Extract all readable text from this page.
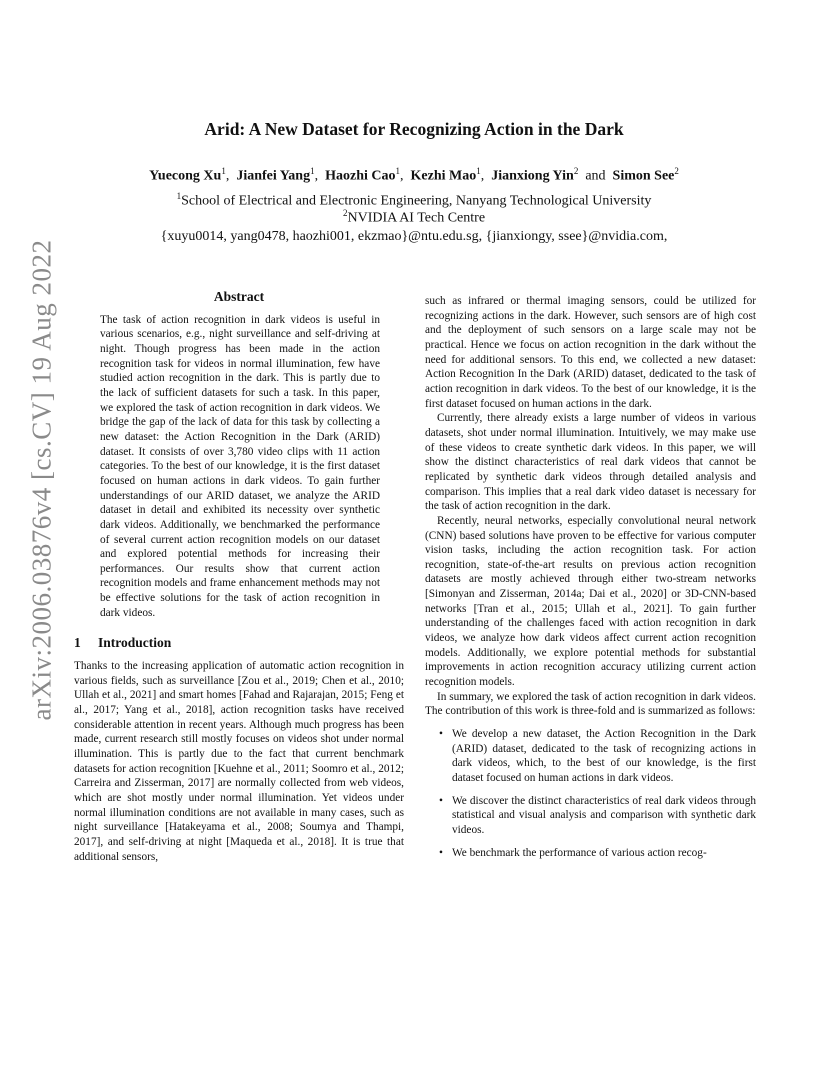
arXiv:2006.03876v4 [cs.CV] 19 Aug 2022
Arid: A New Dataset for Recognizing Action in the Dark
Yuecong Xu$^1$,  Jianfei Yang$^1$,  Haozhi Cao$^1$,  Kezhi Mao$^1$,  Jianxiong Yin$^2$ and Simon See$^2$
$^1$School of Electrical and Electronic Engineering, Nanyang Technological University
$^2$NVIDIA AI Tech Centre
{xuyu0014, yang0478, haozhi001, ekzmao}@ntu.edu.sg, {jianxiongy, ssee}@nvidia.com,
Abstract
The task of action recognition in dark videos is useful in various scenarios, e.g., night surveillance and self-driving at night. Though progress has been made in the action recognition task for videos in normal illumination, few have studied action recognition in the dark. This is partly due to the lack of sufficient datasets for such a task. In this paper, we explored the task of action recognition in dark videos. We bridge the gap of the lack of data for this task by collecting a new dataset: the Action Recognition in the Dark (ARID) dataset. It consists of over 3,780 video clips with 11 action categories. To the best of our knowledge, it is the first dataset focused on human actions in dark videos. To gain further understandings of our ARID dataset, we analyze the ARID dataset in detail and exhibited its necessity over synthetic dark videos. Additionally, we benchmarked the performance of several current action recognition models on our dataset and explored potential methods for increasing their performances. Our results show that current action recognition models and frame enhancement methods may not be effective solutions for the task of action recognition in dark videos.
1 Introduction

Thanks to the increasing application of automatic action recognition in various fields, such as surveillance [Zou et al., 2019; Chen et al., 2010; Ullah et al., 2021] and smart homes [Fahad and Rajarajan, 2015; Feng et al., 2017; Yang et al., 2018], action recognition tasks have received considerable attention in recent years. Although much progress has been made, current research still mostly focuses on videos shot under normal illumination. This is partly due to the fact that current benchmark datasets for action recognition [Kuehne et al., 2011; Soomro et al., 2012; Carreira and Zisserman, 2017] are normally collected from web videos, which are shot mostly under normal illumination. Yet videos under normal illumination conditions are not available in many cases, such as night surveillance [Hatakeyama et al., 2008; Soumya and Thampi, 2017], and self-driving at night [Maqueda et al., 2018]. It is true that additional sensors,

such as infrared or thermal imaging sensors, could be utilized for recognizing actions in the dark. However, such sensors are of high cost and the deployment of such sensors on a large scale may not be practical. Hence we focus on action recognition in the dark without the need for additional sensors. To this end, we collected a new dataset: Action Recognition In the Dark (ARID) dataset, dedicated to the task of action recognition in dark videos. To the best of our knowledge, it is the first dataset focused on human actions in the dark.

Currently, there already exists a large number of videos in various datasets, shot under normal illumination. Intuitively, we may make use of these videos to create synthetic dark videos. In this paper, we will show the distinct characteristics of real dark videos that cannot be replicated by synthetic dark videos through detailed analysis and comparison. This implies that a real dark video dataset is necessary for the task of action recognition in the dark.

Recently, neural networks, especially convolutional neural network (CNN) based solutions have proven to be effective for various computer vision tasks, including the action recognition task. For action recognition, state-of-the-art results on previous action recognition datasets are mostly achieved through either two-stream networks [Simonyan and Zisserman, 2014a; Dai et al., 2020] or 3D-CNN-based networks [Tran et al., 2015; Ullah et al., 2021]. To gain further understanding of the challenges faced with action recognition in dark videos, we analyze how dark videos affect current action recognition models. Additionally, we explore potential methods for substantial improvements in action recognition accuracy utilizing current action recognition models.

In summary, we explored the task of action recognition in dark videos. The contribution of this work is three-fold and is summarized as follows:

• We develop a new dataset, the Action Recognition in the Dark (ARID) dataset, dedicated to the task of recognizing actions in dark videos, which, to the best of our knowledge, is the first dataset focused on human actions in dark videos.
• We discover the distinct characteristics of real dark videos through statistical and visual analysis and comparison with synthetic dark videos.
• We benchmark the performance of various action recog-
